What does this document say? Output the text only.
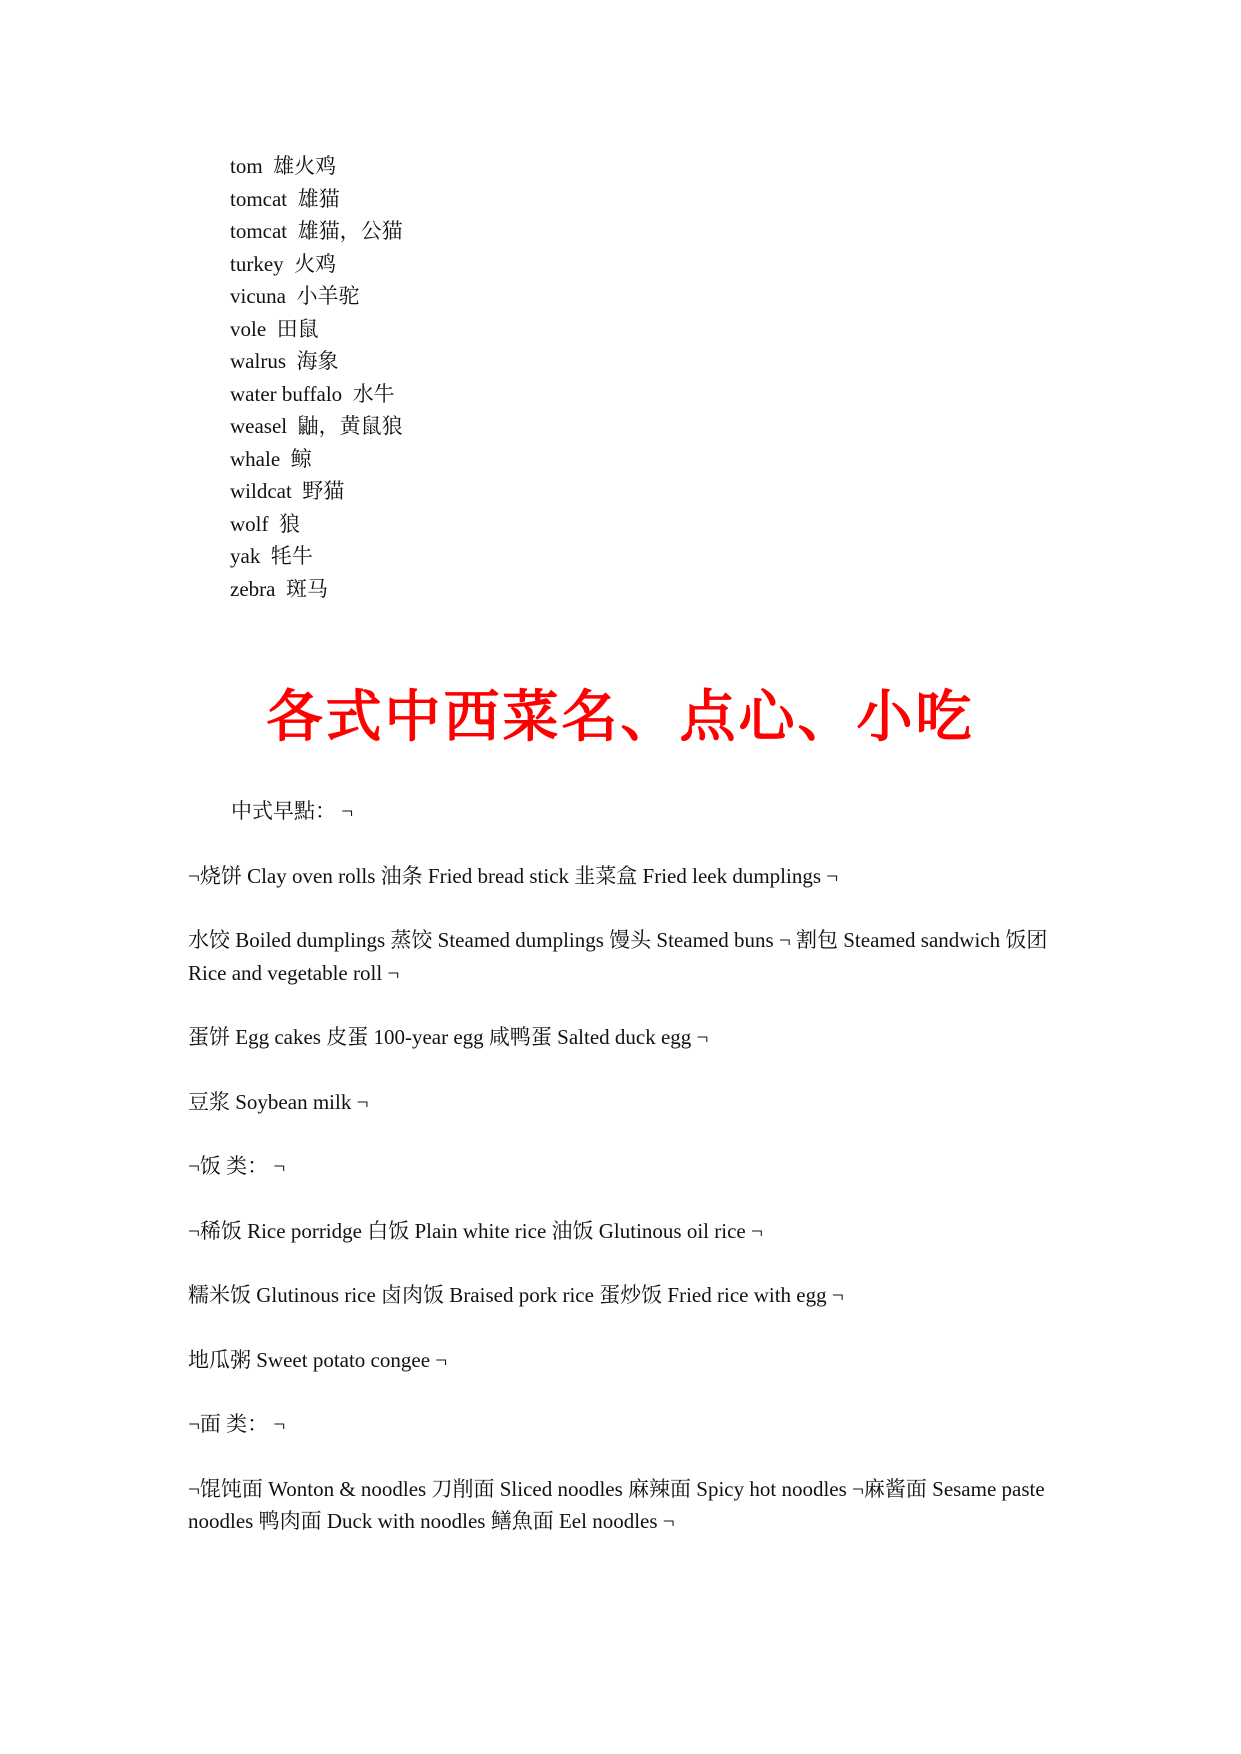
tom  雄火鸡
tomcat  雄猫
tomcat  雄猫，公猫
turkey  火鸡
vicuna  小羊驼
vole  田鼠
walrus  海象
water buffalo  水牛
weasel  鼬，黄鼠狼
whale  鲸
wildcat  野猫
wolf  狼
yak  牦牛
zebra  斑马
各式中西菜名、点心、小吃

中式早點： ¬

¬烧饼 Clay oven rolls 油条 Fried bread stick 韭菜盒 Fried leek dumplings ¬

水饺 Boiled dumplings 蒸饺 Steamed dumplings 馒头 Steamed buns ¬ 割包 Steamed sandwich 饭团 Rice and vegetable roll ¬

蛋饼 Egg cakes 皮蛋 100-year egg 咸鸭蛋 Salted duck egg ¬

豆浆 Soybean milk ¬

¬饭 类： ¬

¬稀饭 Rice porridge 白饭 Plain white rice 油饭 Glutinous oil rice ¬

糯米饭 Glutinous rice 卤肉饭 Braised pork rice 蛋炒饭 Fried rice with egg ¬

地瓜粥 Sweet potato congee ¬

¬面 类： ¬

¬馄饨面 Wonton & noodles 刀削面 Sliced noodles 麻辣面 Spicy hot noodles ¬麻酱面 Sesame paste noodles 鸭肉面 Duck with noodles 鳝魚面 Eel noodles ¬
